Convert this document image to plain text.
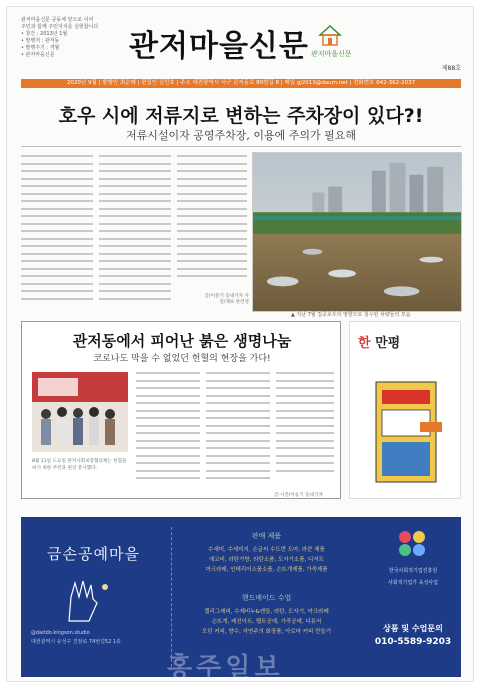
관저마을신문 공동체 앞으로 이어
주민과 함께 주민자치를 실현합니다
• 창간 : 2013년 1월
• 발행처 : 관저동
• 발행주기 : 격월
• 관저마을신문	관저마을신문 관저마을신문
제88호
2020년 9월 | 발행인 최순례 | 편집인 김민호 | 주소 대전광역시 서구 관저동로 80번길 8 | 메일 gj2013@daum.net | 전화번호 042-362-2037
호우 시에 저류지로 변하는 주차장이 있다?!
저류시설이자 공영주차장, 이용에 주의가 필요해
글/이문기 동네기자 사진/제보 관련영
▲ 지난 7월 집중호우의 영향으로 침수된 차량들의 모습
관저동에서 피어난 붉은 생명나눔
코로나도 막을 수 없었던 헌혈의 현장을 가다!
8월 11일 도요일 관저사회보장협의체는 헌혈을 하기 위한 주민과 원상 봉사했다.
글·사진/이승기 동네기자
한 만평
금손공예마을
@daitdo.kingson.studio
대전광역시 유성구 진잠로 74번길52 1층
판매 제품
수세미, 수세미지, 손글씨 수도번 도마, 라쿤 제품
에코비, 라탄가방, 라탄소품, 도자기소품, 디저트
마크라메, 인테리어소품소품, 손뜨개제품, 가죽제품
핸드메이드 수업
캘리그래피, 수제비누&캔들, 라탄, 도자기, 마크라메
손뜨개, 레진아트, 펠트공예, 가죽공예, 디퓨저
모던 커피, 향수, 자연주의 화장품, 아로마 커피 만들기
한국사회적기업진흥원
사회적기업가 육성사업
상품 및 수업문의
010-5589-9203
홍주일보
